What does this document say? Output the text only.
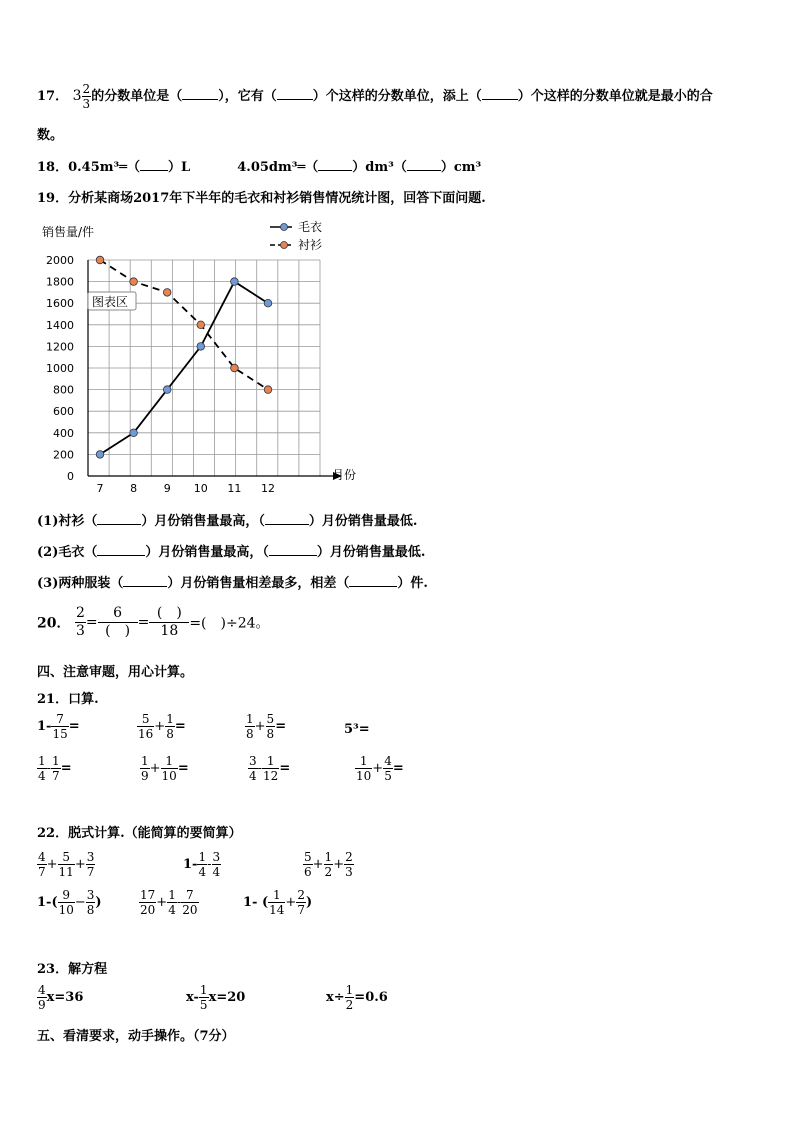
17． $3 \frac{2}{3}$ 的分数单位是（	），它有（	）个这样的分数单位，添上（	）个这样的分数单位就是最小的合
数。
18．0.45m³═（ ）L	4.05dm³═（	）dm³（	）cm³
19．分析某商场2017年下半年的毛衣和衬衫销售情况统计图，回答下面问题.
销售量/件
0
200
400
600
800
1000
1200
1400
1600
1800
2000
7 8 9 10 11 12
月份
毛衣
衬衫
图表区
(1)衬衫（	）月份销售量最高，（	）月份销售量最低.
(2)毛衣（	）月份销售量最高，（	）月份销售量最低.
(3)两种服装（	）月份销售量相差最多，相差（	）件.
20． $\frac{2}{3} = \frac{6}{( )} = \frac{( )}{18}$ =(　)÷24。
四、注意审题，用心计算。
21．口算.
$1- \frac{7}{15}$ =	$\frac{5}{16} + \frac{1}{8}$ =	$\frac{1}{8} + \frac{5}{8}$ =	5³=
$\frac{1}{4} - \frac{1}{7}$ =	$\frac{1}{9} + \frac{1}{10}$ =	$\frac{3}{4} - \frac{1}{12}$ =	$\frac{1}{10} + \frac{4}{5}$ =
22．脱式计算.（能简算的要简算）
$\frac{4}{7} + \frac{5}{11} + \frac{3}{7}$	$1- \frac{1}{4} - \frac{3}{4}$	$\frac{5}{6} + \frac{1}{2} + \frac{2}{3}$
$1-( \frac{9}{10} - \frac{3}{8}$ )	$\frac{17}{20} + \frac{1}{4} - \frac{7}{20}$	1- ( $\frac{1}{14} + \frac{2}{7}$ )
23．解方程
$\frac{4}{9} x=36$	$x- \frac{1}{5} x=20$	$x\div \frac{1}{2} =0.6$
五、看清要求，动手操作。（7分）
